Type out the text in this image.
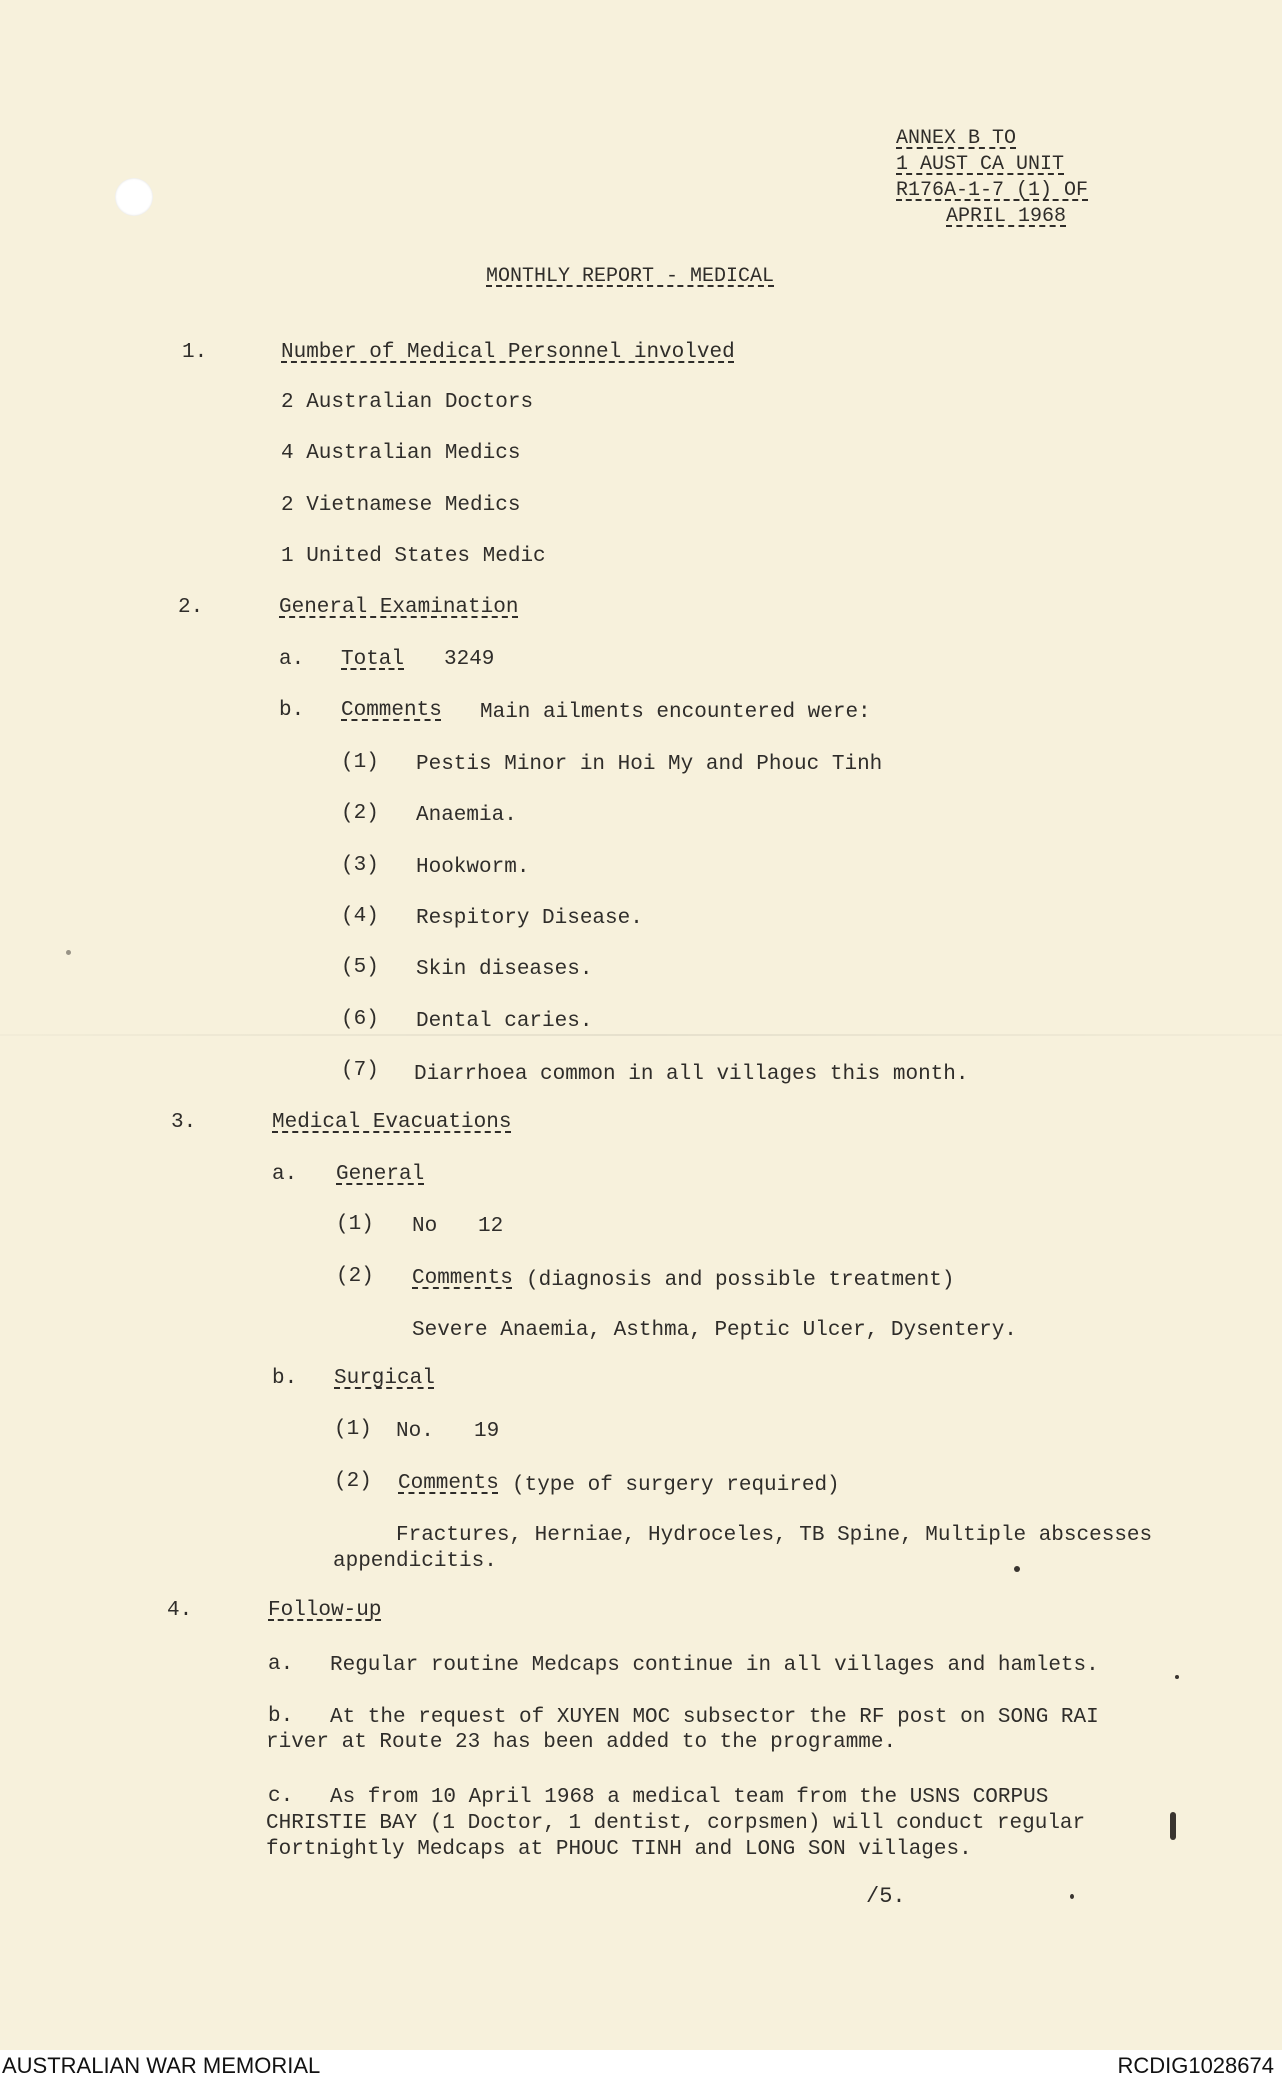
ANNEX B TO
1 AUST CA UNIT
R176A-1-7 (1) OF
APRIL 1968
MONTHLY REPORT - MEDICAL
1.	Number of Medical Personnel involved
2 Australian Doctors
4 Australian Medics
2 Vietnamese Medics
1 United States Medic
2.	General Examination
a. Total 3249
b. Comments Main ailments encountered were:
(1) Pestis Minor in Hoi My and Phouc Tinh
(2) Anaemia.
(3) Hookworm.
(4) Respitory Disease.
(5) Skin diseases.
(6) Dental caries.
(7) Diarrhoea common in all villages this month.
3.	Medical Evacuations
a. General
(1) No 12
(2) Comments (diagnosis and possible treatment)
Severe Anaemia, Asthma, Peptic Ulcer, Dysentery.
b. Surgical
(1) No. 19
(2) Comments (type of surgery required)
Fractures, Herniae, Hydroceles, TB Spine, Multiple abscesses
appendicitis.
4.	Follow-up
a. Regular routine Medcaps continue in all villages and hamlets.
b. At the request of XUYEN MOC subsector the RF post on SONG RAI
river at Route 23 has been added to the programme.
c. As from 10 April 1968 a medical team from the USNS CORPUS
CHRISTIE BAY (1 Doctor, 1 dentist, corpsmen) will conduct regular
fortnightly Medcaps at PHOUC TINH and LONG SON villages.
/5.
AUSTRALIAN WAR MEMORIAL	RCDIG1028674
